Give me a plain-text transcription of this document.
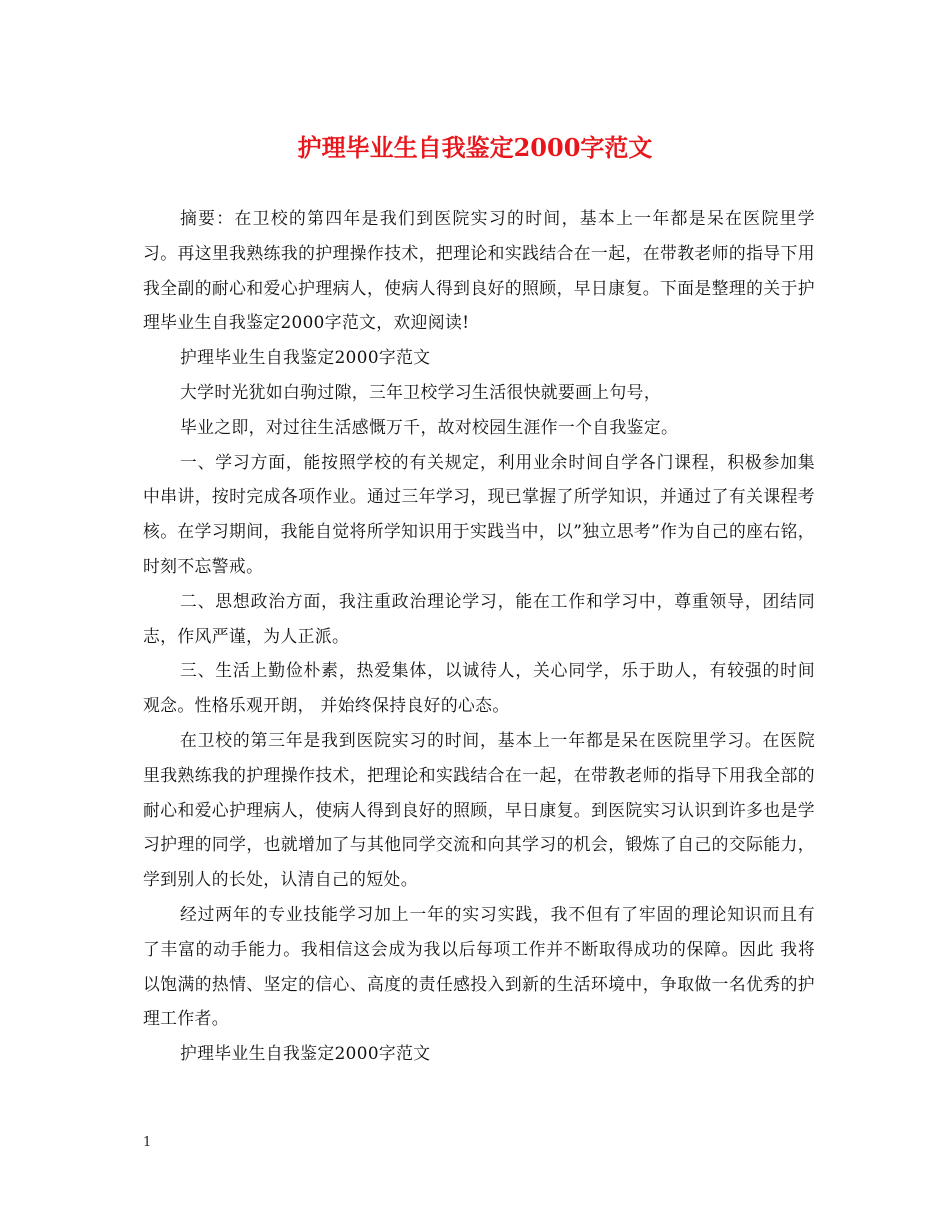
护理毕业生自我鉴定2000字范文

摘要：在卫校的第四年是我们到医院实习的时间，基本上一年都是呆在医院里学习。再这里我熟练我的护理操作技术，把理论和实践结合在一起，在带教老师的指导下用我全副的耐心和爱心护理病人，使病人得到良好的照顾，早日康复。下面是整理的关于护理毕业生自我鉴定2000字范文，欢迎阅读!

护理毕业生自我鉴定2000字范文

大学时光犹如白驹过隙，三年卫校学习生活很快就要画上句号，

毕业之即，对过往生活感慨万千，故对校园生涯作一个自我鉴定。

一、学习方面，能按照学校的有关规定，利用业余时间自学各门课程，积极参加集中串讲，按时完成各项作业。通过三年学习，现已掌握了所学知识，并通过了有关课程考核。在学习期间，我能自觉将所学知识用于实践当中，以”独立思考”作为自己的座右铭，时刻不忘警戒。

二、思想政治方面，我注重政治理论学习，能在工作和学习中，尊重领导，团结同志，作风严谨，为人正派。

三、生活上勤俭朴素，热爱集体，以诚待人，关心同学，乐于助人，有较强的时间观念。性格乐观开朗， 并始终保持良好的心态。

在卫校的第三年是我到医院实习的时间，基本上一年都是呆在医院里学习。在医院里我熟练我的护理操作技术，把理论和实践结合在一起，在带教老师的指导下用我全部的耐心和爱心护理病人，使病人得到良好的照顾，早日康复。到医院实习认识到许多也是学习护理的同学，也就增加了与其他同学交流和向其学习的机会，锻炼了自己的交际能力，学到别人的长处，认清自己的短处。

经过两年的专业技能学习加上一年的实习实践，我不但有了牢固的理论知识而且有了丰富的动手能力。我相信这会成为我以后每项工作并不断取得成功的保障。因此 我将以饱满的热情、坚定的信心、高度的责任感投入到新的生活环境中，争取做一名优秀的护理工作者。

护理毕业生自我鉴定2000字范文

1
